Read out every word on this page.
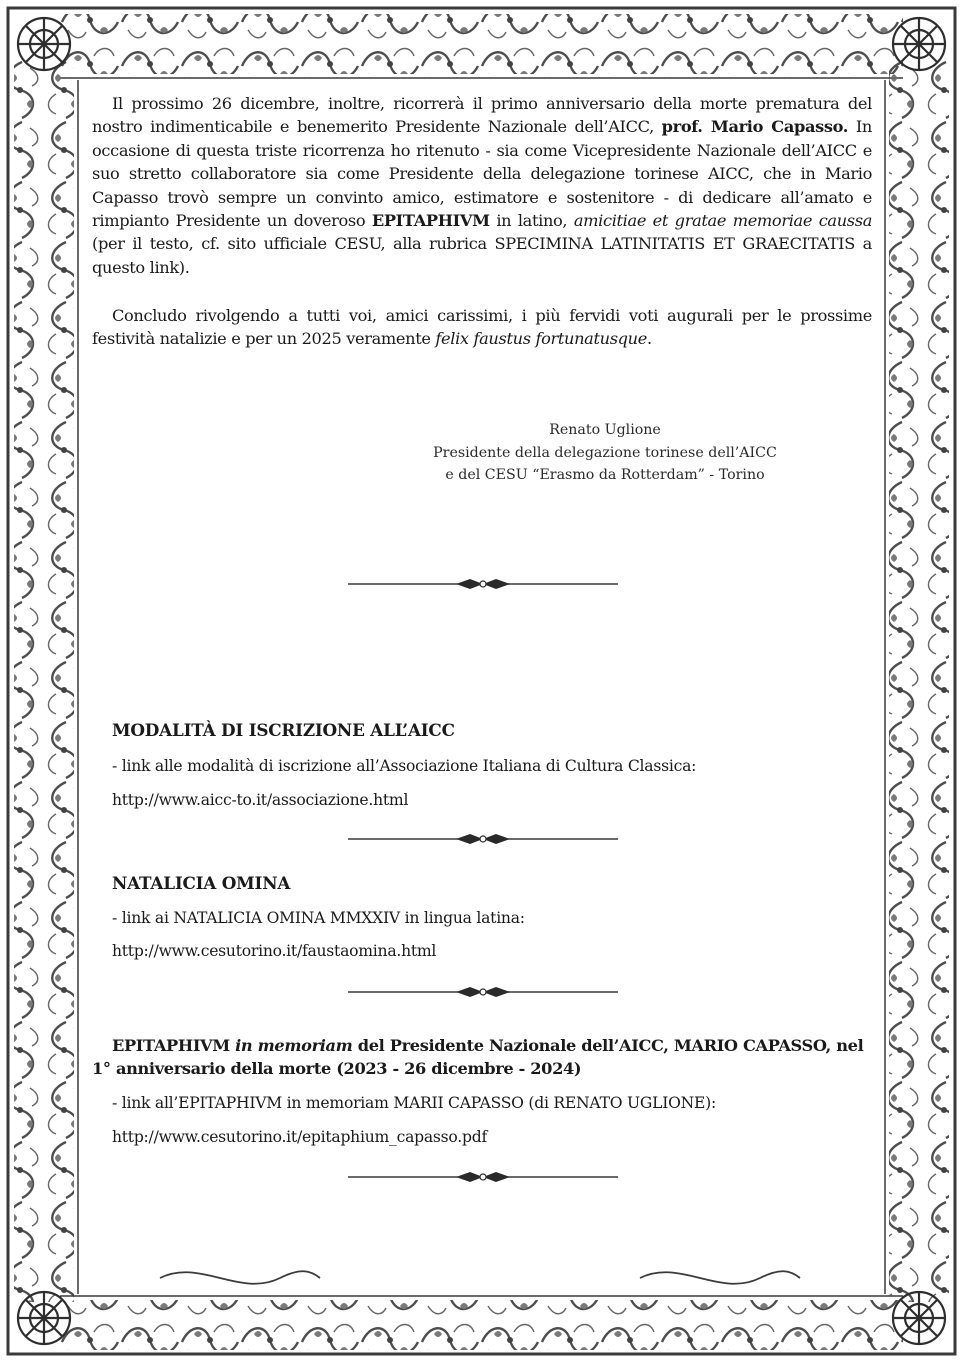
Il prossimo 26 dicembre, inoltre, ricorrerà il primo anniversario della morte prematura del nostro indimenticabile e benemerito Presidente Nazionale dell’AICC, prof. Mario Capasso. In occasione di questa triste ricorrenza ho ritenuto - sia come Vicepresidente Nazionale dell’AICC e suo stretto collaboratore sia come Presidente della delegazione torinese AICC, che in Mario Capasso trovò sempre un convinto amico, estimatore e sostenitore - di dedicare all’amato e rimpianto Presidente un doveroso EPITAPHIVM in latino, amicitiae et gratae memoriae caussa (per il testo, cf. sito ufficiale CESU, alla rubrica SPECIMINA LATINITATIS ET GRAECITATIS a questo link).

Concludo rivolgendo a tutti voi, amici carissimi, i più fervidi voti augurali per le prossime festività natalizie e per un 2025 veramente felix faustus fortunatusque.

Renato Uglione
Presidente della delegazione torinese dell’AICC
e del CESU “Erasmo da Rotterdam” - Torino

MODALITÀ DI ISCRIZIONE ALL’AICC

- link alle modalità di iscrizione all’Associazione Italiana di Cultura Classica:

http://www.aicc-to.it/associazione.html

NATALICIA OMINA

- link ai NATALICIA OMINA MMXXIV in lingua latina:

http://www.cesutorino.it/faustaomina.html

EPITAPHIVM in memoriam del Presidente Nazionale dell’AICC, MARIO CAPASSO, nel 1° anniversario della morte (2023 - 26 dicembre - 2024)

- link all’EPITAPHIVM in memoriam MARII CAPASSO (di RENATO UGLIONE):

http://www.cesutorino.it/epitaphium_capasso.pdf
